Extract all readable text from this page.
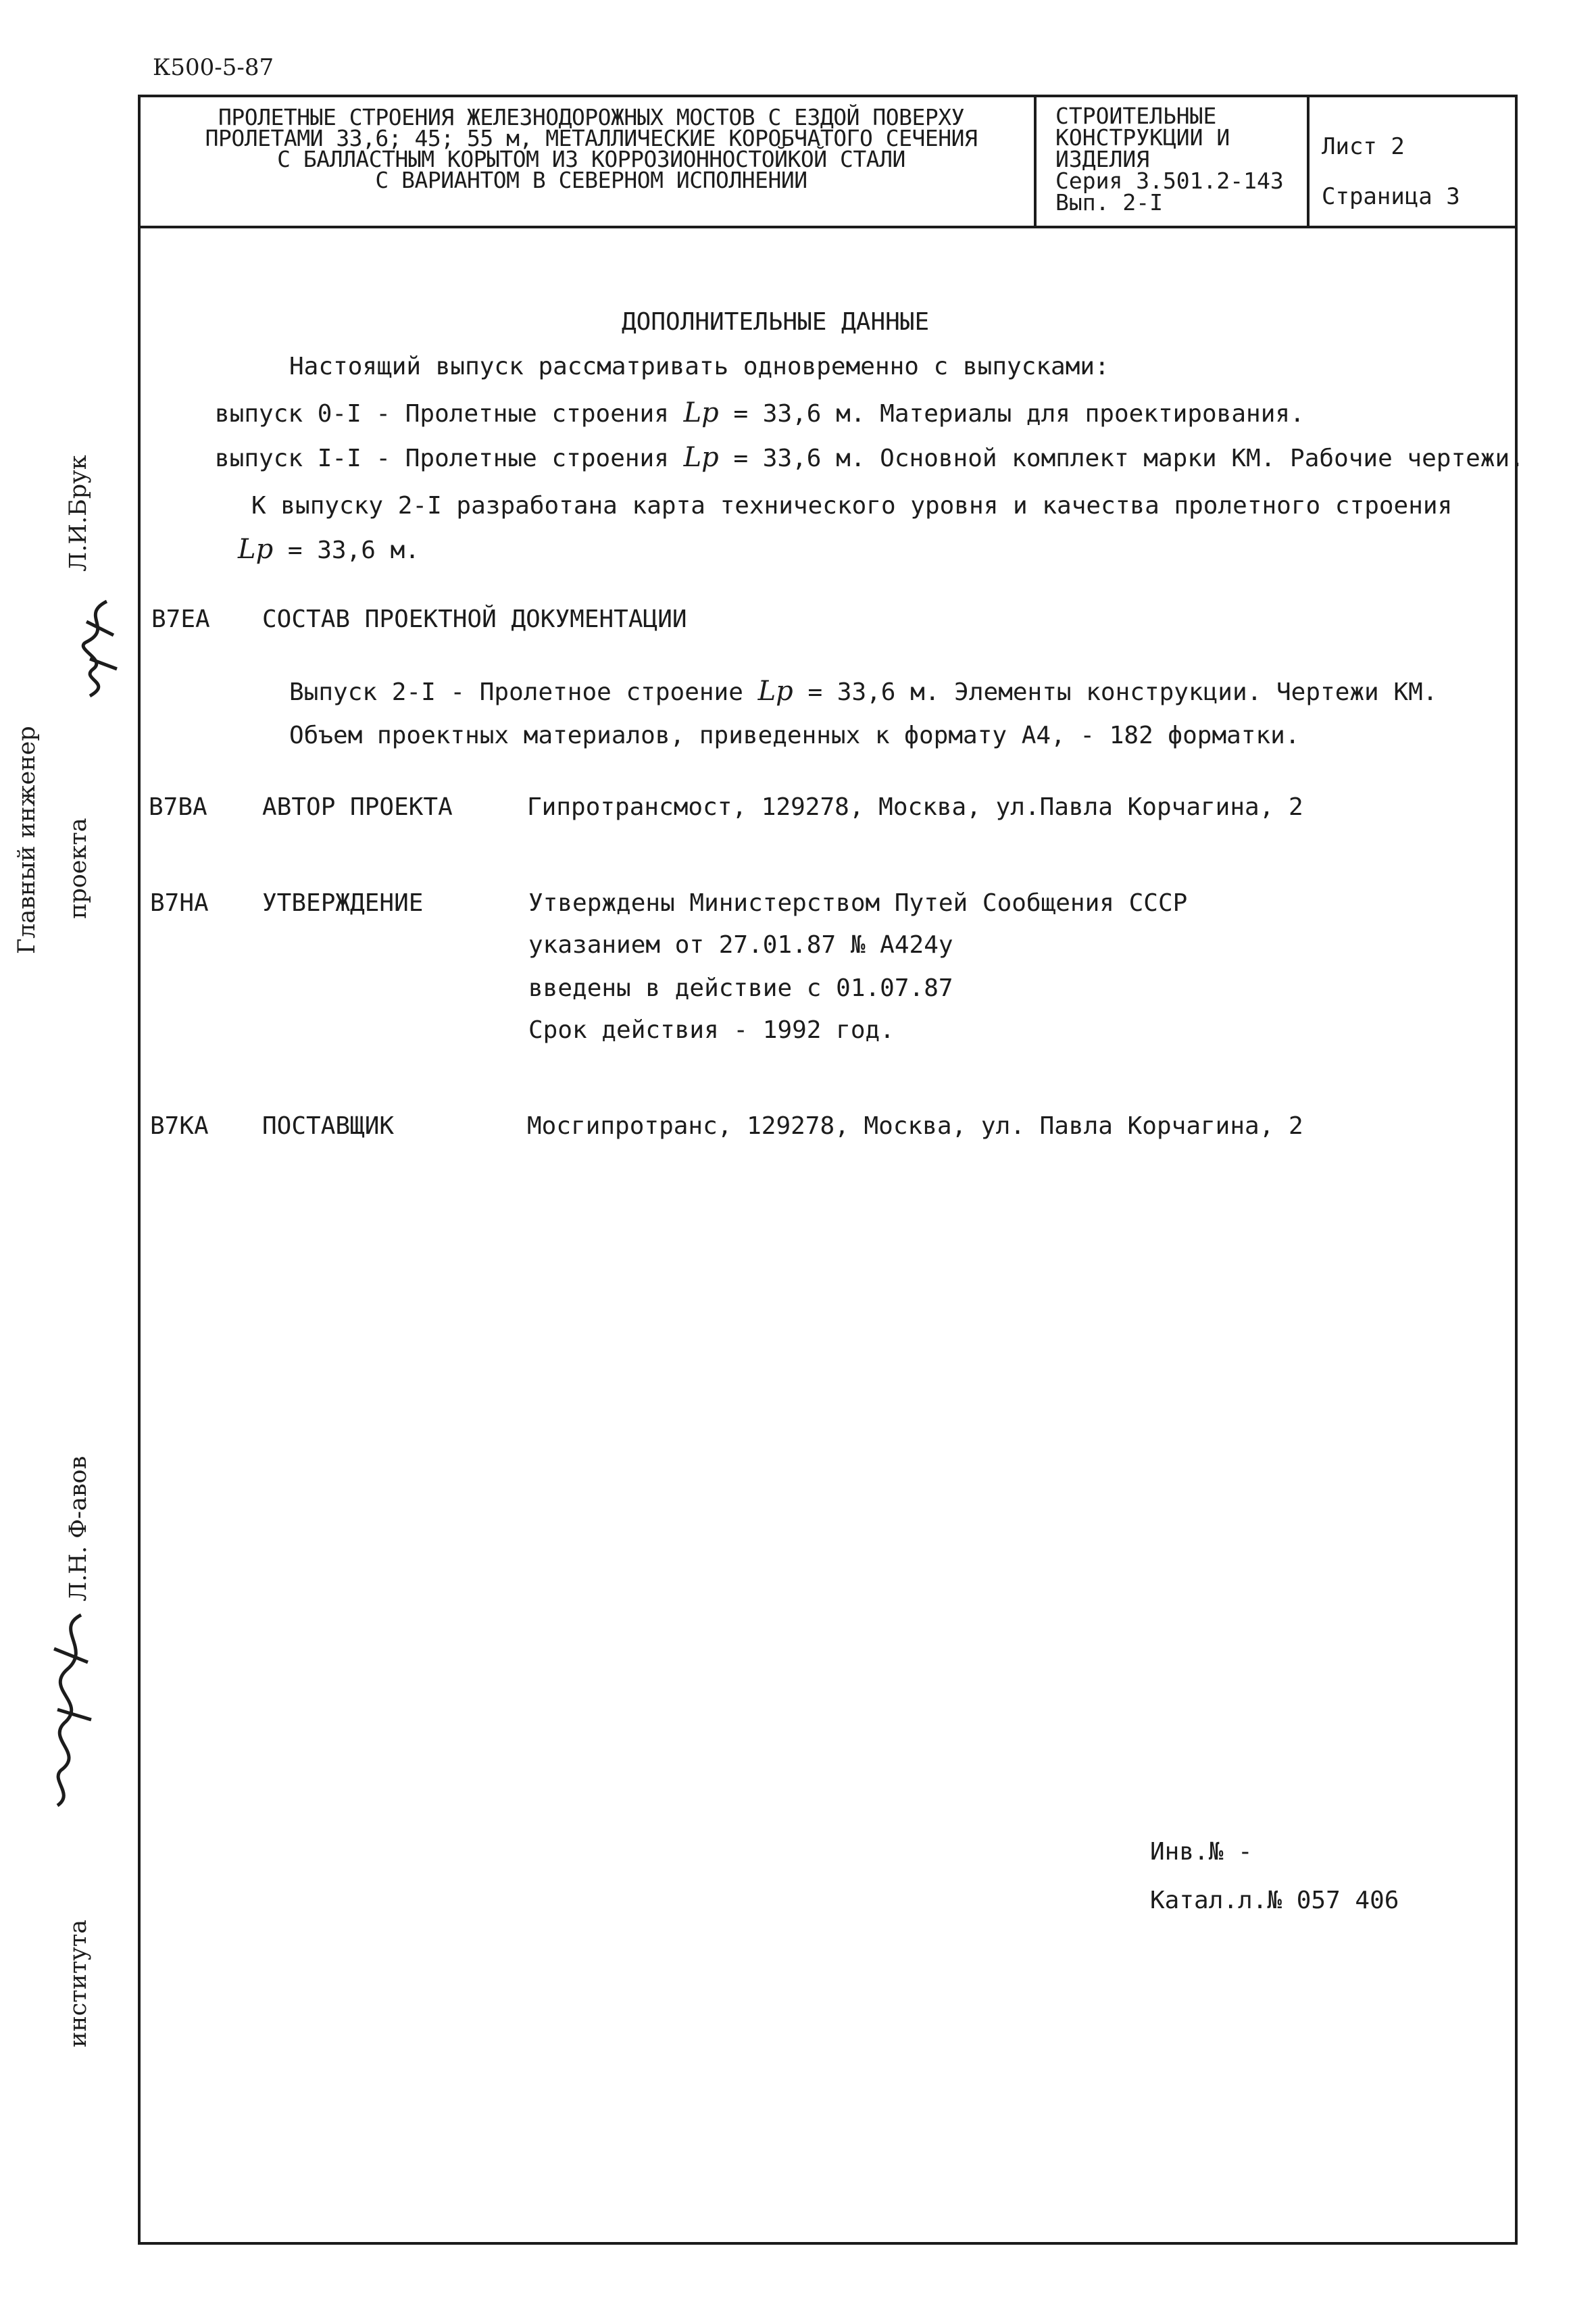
К500-5-87
ПРОЛЕТНЫЕ СТРОЕНИЯ ЖЕЛЕЗНОДОРОЖНЫХ МОСТОВ С ЕЗДОЙ ПОВЕРХУ
ПРОЛЕТАМИ 33,6; 45; 55 м, МЕТАЛЛИЧЕСКИЕ КОРОБЧАТОГО СЕЧЕНИЯ
С БАЛЛАСТНЫМ КОРЫТОМ ИЗ КОРРОЗИОННОСТОЙКОЙ СТАЛИ
С ВАРИАНТОМ В СЕВЕРНОМ ИСПОЛНЕНИИ
СТРОИТЕЛЬНЫЕ
КОНСТРУКЦИИ И
ИЗДЕЛИЯ
Серия 3.501.2-143
Вып. 2-I
Лист 2
Страница 3
ДОПОЛНИТЕЛЬНЫЕ ДАННЫЕ
Настоящий выпуск рассматривать одновременно с выпусками:
выпуск 0-I - Пролетные строения Lр = 33,6 м. Материалы для проектирования.
выпуск I-I - Пролетные строения Lр = 33,6 м. Основной комплект марки КМ. Рабочие чертежи.
К выпуску 2-I разработана карта технического уровня и качества пролетного строения
Lр = 33,6 м.
В7ЕА СОСТАВ ПРОЕКТНОЙ ДОКУМЕНТАЦИИ
Выпуск 2-I - Пролетное строение Lр = 33,6 м. Элементы конструкции. Чертежи КМ.
Объем проектных материалов, приведенных к формату А4, - 182 форматки.
В7ВА АВТОР ПРОЕКТА	Гипротрансмост, 129278, Москва, ул.Павла Корчагина, 2
В7НА УТВЕРЖДЕНИЕ	Утверждены Министерством Путей Сообщения СССР
указанием от 27.01.87 № А424у
введены в действие с 01.07.87
Срок действия - 1992 год.
В7КА ПОСТАВЩИК	Мосгипротранс, 129278, Москва, ул. Павла Корчагина, 2
Инв.№ -
Катал.л.№ 057 406
Главный инженер проекта
Л.И.Брук
института
Л.Н. Ф-авов
